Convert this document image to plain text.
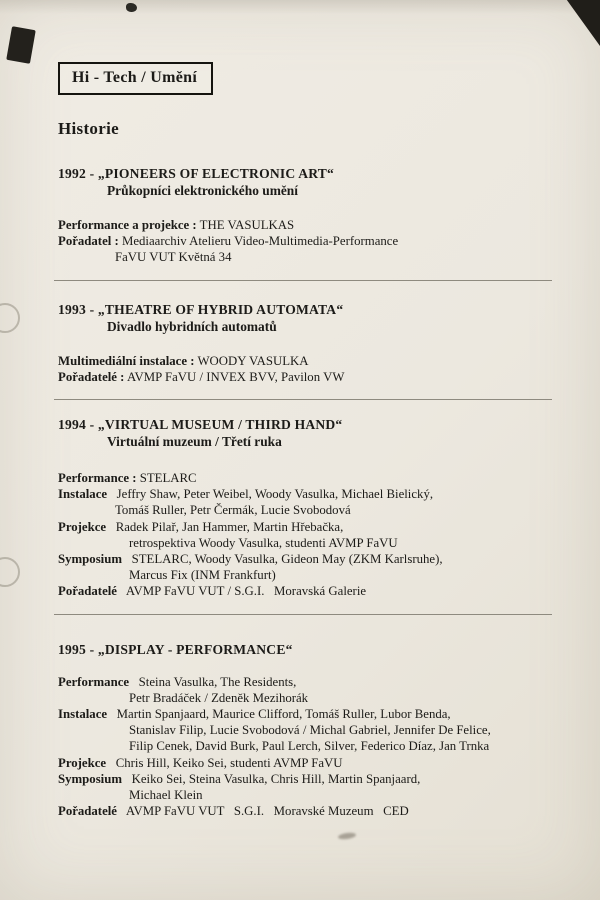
Hi - Tech / Umění
Historie
1992 - „PIONEERS OF ELECTRONIC ART“
Průkopníci elektronického umění
Performance a projekce : THE VASULKAS
Pořadatel : Mediaarchiv Atelieru Video-Multimedia-Performance
FaVU VUT Květná 34
1993 - „THEATRE OF HYBRID AUTOMATA“
Divadlo hybridních automatů
Multimediální instalace : WOODY VASULKA
Pořadatelé : AVMP FaVU / INVEX BVV, Pavilon VW
1994 - „VIRTUAL MUSEUM / THIRD HAND“
Virtuální muzeum / Třetí ruka
Performance : STELARC
Instalace   Jeffry Shaw, Peter Weibel, Woody Vasulka, Michael Bielický,
Tomáš Ruller, Petr Čermák, Lucie Svobodová
Projekce   Radek Pilař, Jan Hammer, Martin Hřebačka,
retrospektiva Woody Vasulka, studenti AVMP FaVU
Symposium   STELARC, Woody Vasulka, Gideon May (ZKM Karlsruhe),
Marcus Fix (INM Frankfurt)
Pořadatelé   AVMP FaVU VUT / S.G.I.   Moravská Galerie
1995 - „DISPLAY - PERFORMANCE“
Performance   Steina Vasulka, The Residents,
Petr Bradáček / Zdeněk Mezihorák
Instalace   Martin Spanjaard, Maurice Clifford, Tomáš Ruller, Lubor Benda,
Stanislav Filip, Lucie Svobodová / Michal Gabriel, Jennifer De Felice,
Filip Cenek, David Burk, Paul Lerch, Silver, Federico Díaz, Jan Trnka
Projekce   Chris Hill, Keiko Sei, studenti AVMP FaVU
Symposium   Keiko Sei, Steina Vasulka, Chris Hill, Martin Spanjaard,
Michael Klein
Pořadatelé   AVMP FaVU VUT   S.G.I.   Moravské Muzeum   CED
